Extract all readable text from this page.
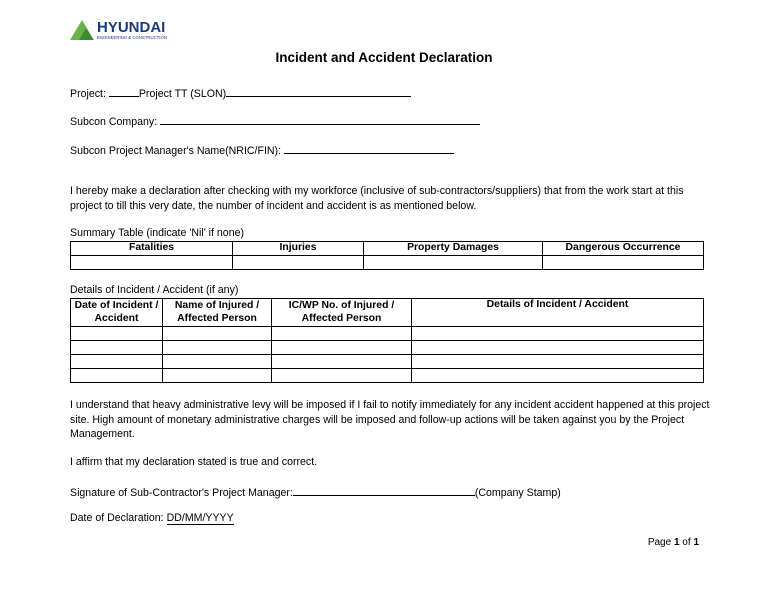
HYUNDAI
ENGINEERING & CONSTRUCTION
Incident and Accident Declaration
Project:	Project TT (SLON)
Subcon Company:
Subcon Project Manager's Name(NRIC/FIN):
I hereby make a declaration after checking with my workforce (inclusive of sub-contractors/suppliers) that from the work start at this project to till this very date, the number of incident and accident is as mentioned below.
Summary Table (indicate 'Nil' if none)
Fatalities	Injuries	Property Damages	Dangerous Occurrence

Details of Incident / Accident (if any)
Date of Incident / Accident	Name of Injured / Affected Person	IC/WP No. of Injured / Affected Person	Details of Incident / Accident

I understand that heavy administrative levy will be imposed if I fail to notify immediately for any incident accident happened at this project site. High amount of monetary administrative charges will be imposed and follow-up actions will be taken against you by the Project Management.
I affirm that my declaration stated is true and correct.
Signature of Sub-Contractor's Project Manager:	(Company Stamp)
Date of Declaration: DD/MM/YYYY
Page 1 of 1
